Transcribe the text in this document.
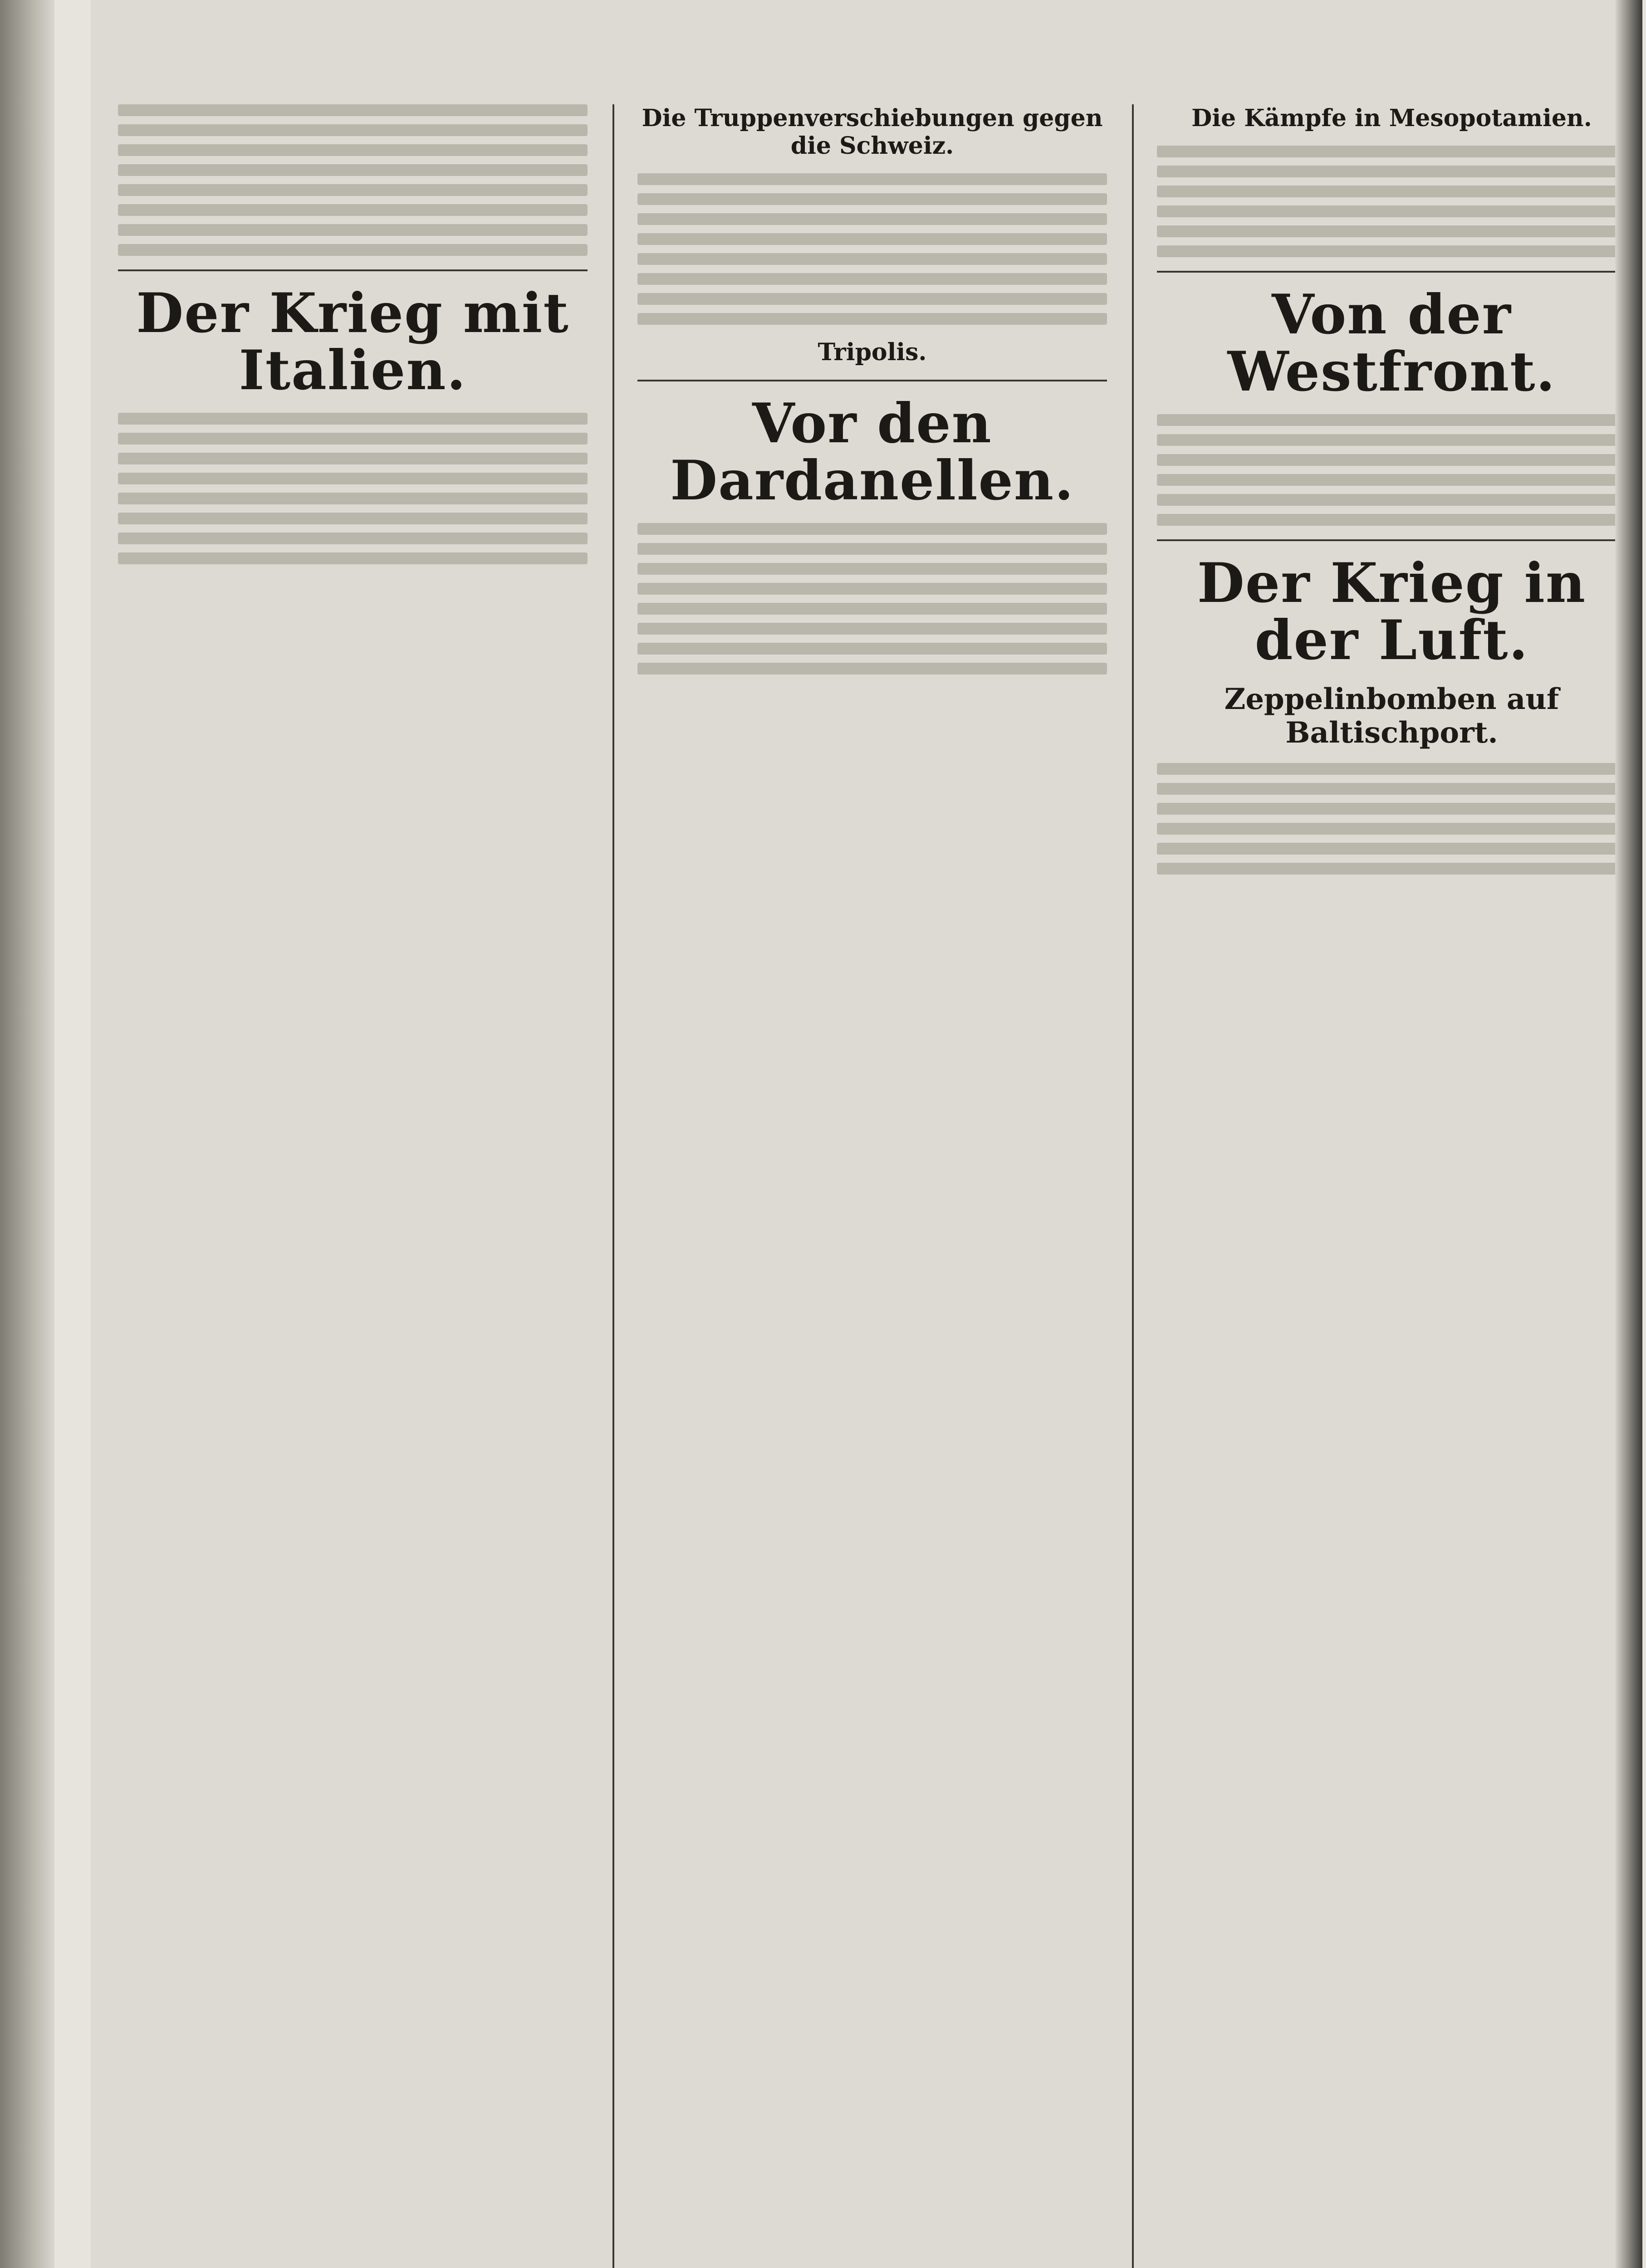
Der Krieg mit Italien.
Die Truppenverschiebungen gegen die Schweiz.
Tripolis.
Vor den Dardanellen.
Die Kämpfe in Mesopotamien.
Von der Westfront.
Der Krieg in der Luft.
Zeppelinbomben auf Baltischport.
